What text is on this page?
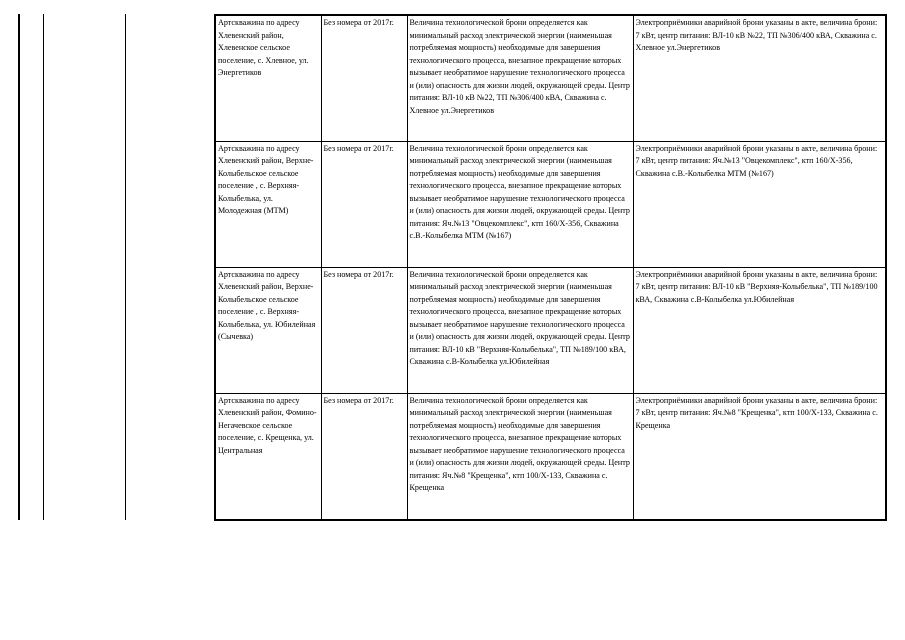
Артскважина по адресу Хлевенский район, Хлевенское сельское поселение, с. Хлевное, ул. Энергетиков	Без номера от 2017г.	Величина технологической брони определяется как минимальный расход электрической энергии (наименьшая потребляемая мощность) необходимые для завершения технологического процесса, внезапное прекращение которых вызывает необратимое нарушение технологического процесса и (или) опасность для жизни людей, окружающей среды. Центр питания: ВЛ-10 кВ №22, ТП №306/400 кВА, Скважина с. Хлевное ул.Энергетиков	Электроприёмники аварийной брони указаны в акте, величина брони: 7 кВт, центр питания: ВЛ-10 кВ №22, ТП №306/400 кВА, Скважина с. Хлевное ул.Энергетиков
Артскважина по адресу Хлевенский район, Верхне-Колыбельское сельское поселение , с. Верхняя-Колыбелька, ул. Молодежная (МТМ)	Без номера от 2017г.	Величина технологической брони определяется как минимальный расход электрической энергии (наименьшая потребляемая мощность) необходимые для завершения технологического процесса, внезапное прекращение которых вызывает необратимое нарушение технологического процесса и (или) опасность для жизни людей, окружающей среды. Центр питания: Яч.№13 "Овцекомплекс", ктп 160/Х-356, Скважина с.В.-Колыбелка МТМ (№167)	Электроприёмники аварийной брони указаны в акте, величина брони: 7 кВт, центр питания: Яч.№13 "Овцекомплекс", ктп 160/Х-356, Скважина с.В.-Колыбелка МТМ (№167)
Артскважина по адресу Хлевенский район, Верхне-Колыбельское сельское поселение , с. Верхняя-Колыбелька, ул. Юбилейная (Сычевка)	Без номера от 2017г.	Величина технологической брони определяется как минимальный расход электрической энергии (наименьшая потребляемая мощность) необходимые для завершения технологического процесса, внезапное прекращение которых вызывает необратимое нарушение технологического процесса и (или) опасность для жизни людей, окружающей среды. Центр питания: ВЛ-10 кВ "Верхняя-Колыбелька", ТП №189/100 кВА, Скважина с.В-Колыбелка ул.Юбилейная	Электроприёмники аварийной брони указаны в акте, величина брони: 7 кВт, центр питания: ВЛ-10 кВ "Верхняя-Колыбелька", ТП №189/100 кВА, Скважина с.В-Колыбелка ул.Юбилейная
Артскважина по адресу Хлевенский район, Фомино-Негачевское сельское поселение, с. Крещенка, ул. Центральная	Без номера от 2017г.	Величина технологической брони определяется как минимальный расход электрической энергии (наименьшая потребляемая мощность) необходимые для завершения технологического процесса, внезапное прекращение которых вызывает необратимое нарушение технологического процесса и (или) опасность для жизни людей, окружающей среды. Центр питания: Яч.№8 "Крещенка", ктп 100/Х-133, Скважина с. Крещенка	Электроприёмники аварийной брони указаны в акте, величина брони: 7 кВт, центр питания: Яч.№8 "Крещенка", ктп 100/Х-133, Скважина с. Крещенка
